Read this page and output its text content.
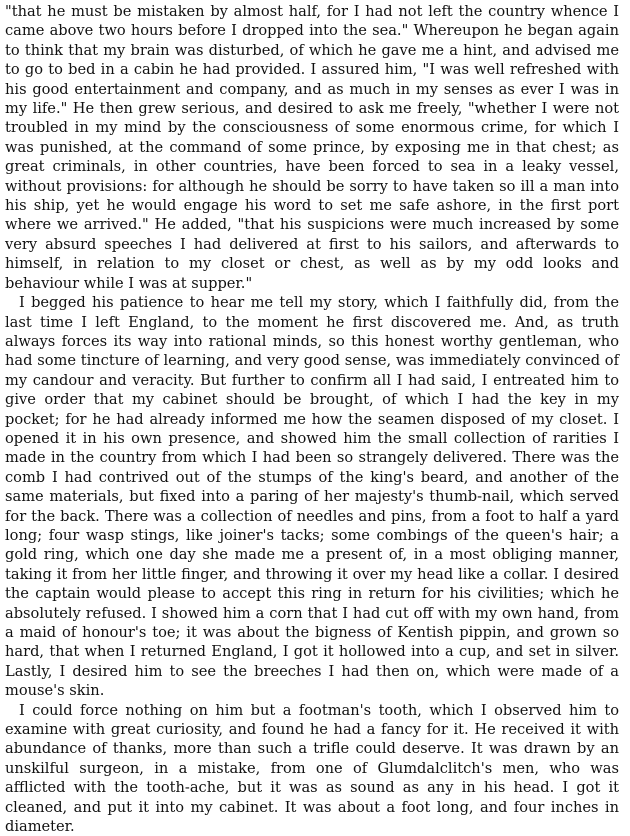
"that he must be mistaken by almost half, for I had not left the country whence I came above two hours before I dropped into the sea." Whereupon he began again to think that my brain was disturbed, of which he gave me a hint, and advised me to go to bed in a cabin he had provided. I assured him, "I was well refreshed with his good entertainment and company, and as much in my senses as ever I was in my life." He then grew serious, and desired to ask me freely, "whether I were not troubled in my mind by the consciousness of some enormous crime, for which I was punished, at the command of some prince, by exposing me in that chest; as great criminals, in other countries, have been forced to sea in a leaky vessel, without provisions: for although he should be sorry to have taken so ill a man into his ship, yet he would engage his word to set me safe ashore, in the first port where we arrived." He added, "that his suspicions were much increased by some very absurd speeches I had delivered at first to his sailors, and afterwards to himself, in relation to my closet or chest, as well as by my odd looks and behaviour while I was at supper."

I begged his patience to hear me tell my story, which I faithfully did, from the last time I left England, to the moment he first discovered me. And, as truth always forces its way into rational minds, so this honest worthy gentleman, who had some tincture of learning, and very good sense, was immediately convinced of my candour and veracity. But further to confirm all I had said, I entreated him to give order that my cabinet should be brought, of which I had the key in my pocket; for he had already informed me how the seamen disposed of my closet. I opened it in his own presence, and showed him the small collection of rarities I made in the country from which I had been so strangely delivered. There was the comb I had contrived out of the stumps of the king's beard, and another of the same materials, but fixed into a paring of her majesty's thumb-nail, which served for the back. There was a collection of needles and pins, from a foot to half a yard long; four wasp stings, like joiner's tacks; some combings of the queen's hair; a gold ring, which one day she made me a present of, in a most obliging manner, taking it from her little finger, and throwing it over my head like a collar. I desired the captain would please to accept this ring in return for his civilities; which he absolutely refused. I showed him a corn that I had cut off with my own hand, from a maid of honour's toe; it was about the bigness of Kentish pippin, and grown so hard, that when I returned England, I got it hollowed into a cup, and set in silver. Lastly, I desired him to see the breeches I had then on, which were made of a mouse's skin.

I could force nothing on him but a footman's tooth, which I observed him to examine with great curiosity, and found he had a fancy for it. He received it with abundance of thanks, more than such a trifle could deserve. It was drawn by an unskilful surgeon, in a mistake, from one of Glumdalclitch's men, who was afflicted with the tooth-ache, but it was as sound as any in his head. I got it cleaned, and put it into my cabinet. It was about a foot long, and four inches in diameter.
